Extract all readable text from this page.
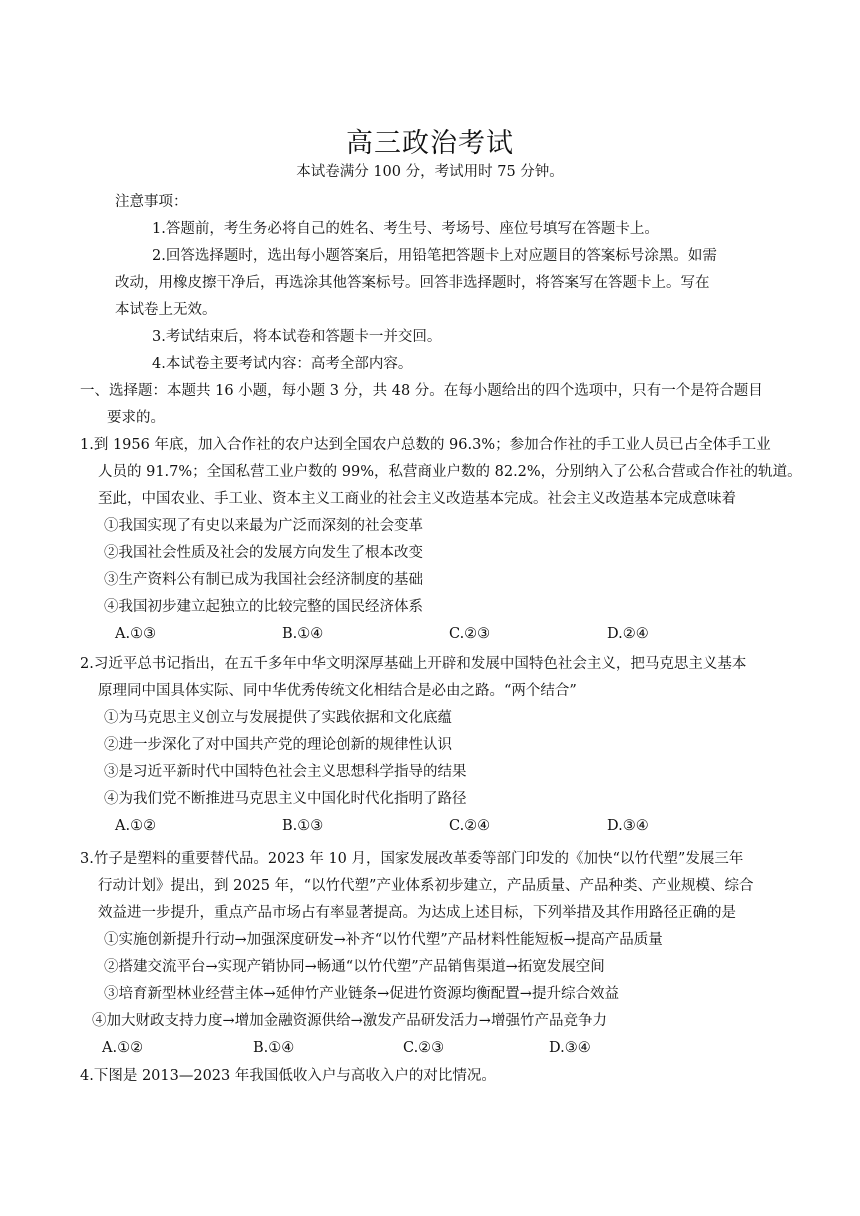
高三政治考试
本试卷满分 100 分，考试用时 75 分钟。
注意事项：
1.答题前，考生务必将自己的姓名、考生号、考场号、座位号填写在答题卡上。
2.回答选择题时，选出每小题答案后，用铅笔把答题卡上对应题目的答案标号涂黑。如需
改动，用橡皮擦干净后，再选涂其他答案标号。回答非选择题时，将答案写在答题卡上。写在
本试卷上无效。
3.考试结束后，将本试卷和答题卡一并交回。
4.本试卷主要考试内容：高考全部内容。
一、选择题：本题共 16 小题，每小题 3 分，共 48 分。在每小题给出的四个选项中，只有一个是符合题目
要求的。
1.到 1956 年底，加入合作社的农户达到全国农户总数的 96.3%；参加合作社的手工业人员已占全体手工业
人员的 91.7%；全国私营工业户数的 99%，私营商业户数的 82.2%，分别纳入了公私合营或合作社的轨道。
至此，中国农业、手工业、资本主义工商业的社会主义改造基本完成。社会主义改造基本完成意味着
①我国实现了有史以来最为广泛而深刻的社会变革
②我国社会性质及社会的发展方向发生了根本改变
③生产资料公有制已成为我国社会经济制度的基础
④我国初步建立起独立的比较完整的国民经济体系
A.①③	B.①④	C.②③	D.②④
2.习近平总书记指出，在五千多年中华文明深厚基础上开辟和发展中国特色社会主义，把马克思主义基本
原理同中国具体实际、同中华优秀传统文化相结合是必由之路。“两个结合”
①为马克思主义创立与发展提供了实践依据和文化底蕴
②进一步深化了对中国共产党的理论创新的规律性认识
③是习近平新时代中国特色社会主义思想科学指导的结果
④为我们党不断推进马克思主义中国化时代化指明了路径
A.①②	B.①③	C.②④	D.③④
3.竹子是塑料的重要替代品。2023 年 10 月，国家发展改革委等部门印发的《加快“以竹代塑”发展三年
行动计划》提出，到 2025 年，“以竹代塑”产业体系初步建立，产品质量、产品种类、产业规模、综合
效益进一步提升，重点产品市场占有率显著提高。为达成上述目标，下列举措及其作用路径正确的是
①实施创新提升行动→加强深度研发→补齐“以竹代塑”产品材料性能短板→提高产品质量
②搭建交流平台→实现产销协同→畅通“以竹代塑”产品销售渠道→拓宽发展空间
③培育新型林业经营主体→延伸竹产业链条→促进竹资源均衡配置→提升综合效益
④加大财政支持力度→增加金融资源供给→激发产品研发活力→增强竹产品竞争力
A.①②	B.①④	C.②③	D.③④
4.下图是 2013—2023 年我国低收入户与高收入户的对比情况。
